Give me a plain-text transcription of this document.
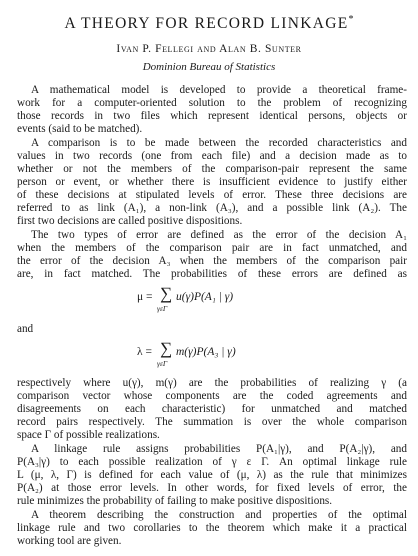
A THEORY FOR RECORD LINKAGE*
Ivan P. Fellegi and Alan B. Sunter
Dominion Bureau of Statistics
A mathematical model is developed to provide a theoretical frame-
work for a computer-oriented solution to the problem of recognizing
those records in two files which represent identical persons, objects or
events (said to be matched).
A comparison is to be made between the recorded characteristics and
values in two records (one from each file) and a decision made as to
whether or not the members of the comparison-pair represent the same
person or event, or whether there is insufficient evidence to justify either
of these decisions at stipulated levels of error. These three decisions are
referred to as link (A₁), a non-link (A₃), and a possible link (A₂). The
first two decisions are called positive dispositions.
The two types of error are defined as the error of the decision A₁
when the members of the comparison pair are in fact unmatched, and
the error of the decision A₃ when the members of the comparison pair
are, in fact matched. The probabilities of these errors are defined as
μ = ∑
γεΓ
u(γ)P(A₁ | γ)
and
λ = ∑
γεΓ
m(γ)P(A₃ | γ)
respectively where u(γ), m(γ) are the probabilities of realizing γ (a
comparison vector whose components are the coded agreements and
disagreements on each characteristic) for unmatched and matched
record pairs respectively. The summation is over the whole comparison
space Γ of possible realizations.
A linkage rule assigns probabilities P(A₁|γ), and P(A₂|γ), and
P(A₃|γ) to each possible realization of γ ε Γ. An optimal linkage rule
L (μ, λ, Γ) is defined for each value of (μ, λ) as the rule that minimizes
P(A₂) at those error levels. In other words, for fixed levels of error, the
rule minimizes the probability of failing to make positive dispositions.
A theorem describing the construction and properties of the optimal
linkage rule and two corollaries to the theorem which make it a practical
working tool are given.
